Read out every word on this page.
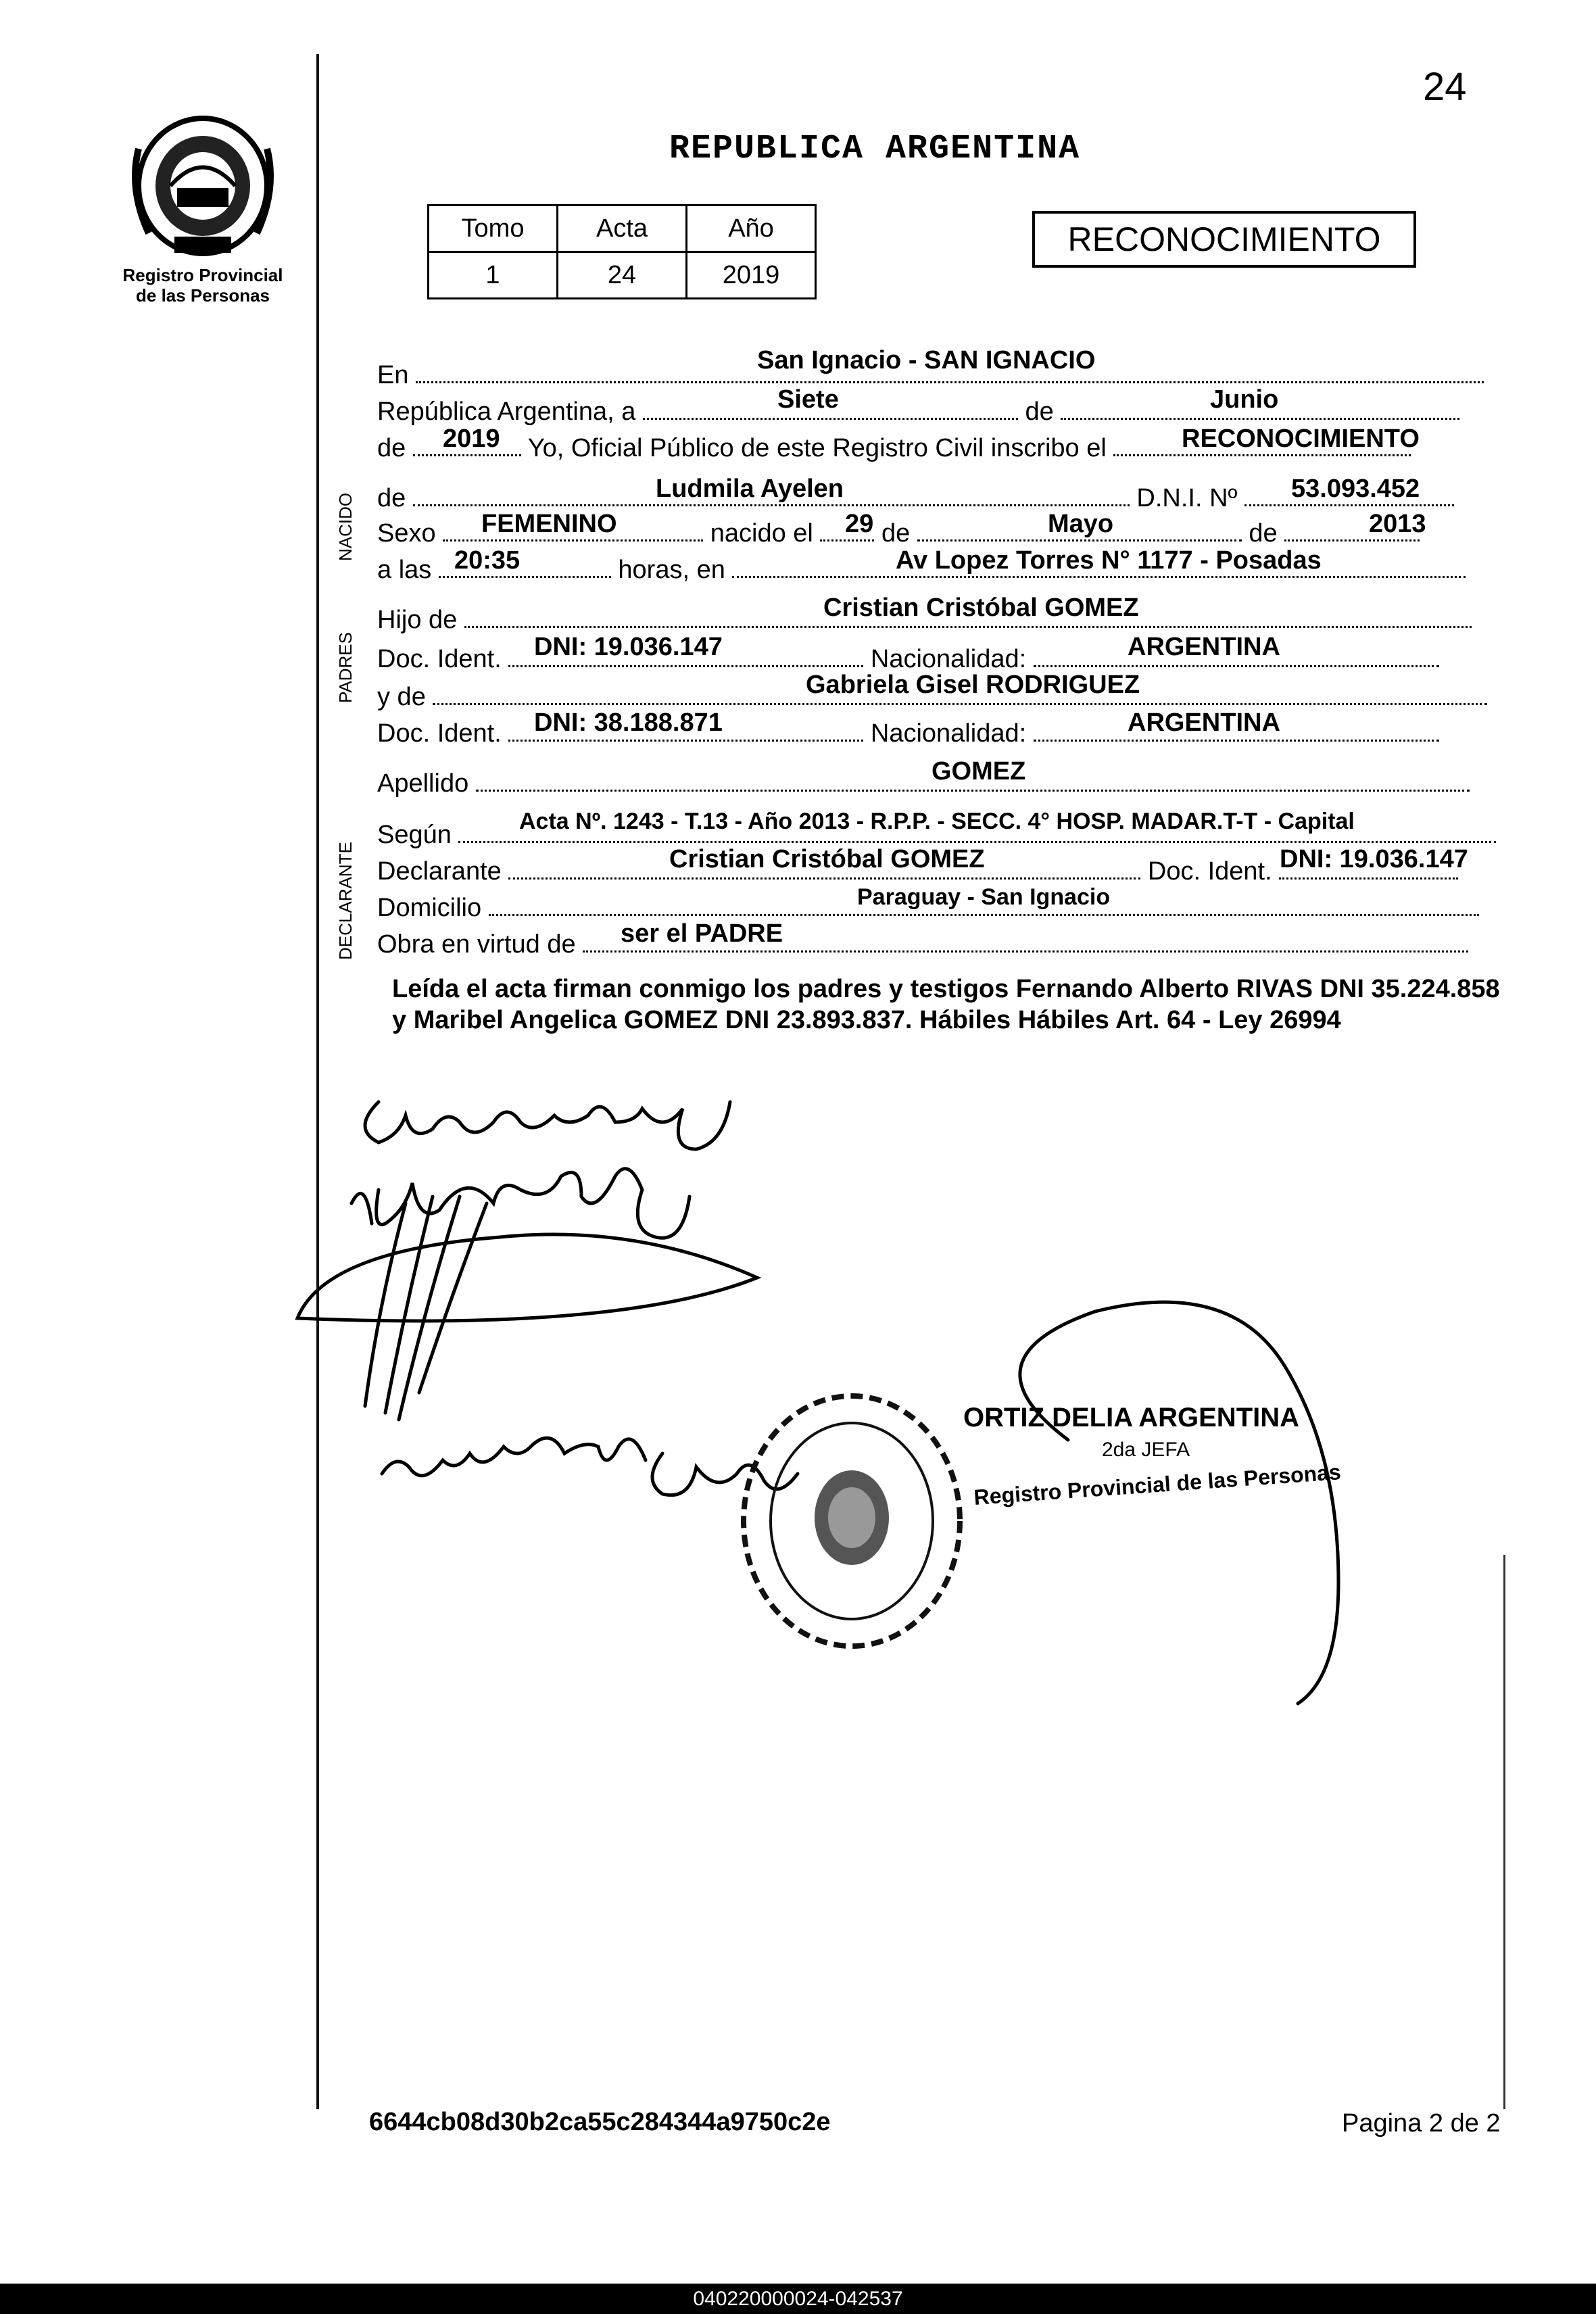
24
REPUBLICA ARGENTINA
Registro Provincial
de las Personas
Tomo	Acta	Año
1	24	2019
RECONOCIMIENTO
NACIDO
PADRES
DECLARANTE
En
San Ignacio - SAN IGNACIO
República Argentina, a	de
Siete	Junio
de	Yo, Oficial Público de este Registro Civil inscribo el
2019	RECONOCIMIENTO
de	D.N.I. Nº
Ludmila Ayelen	53.093.452
Sexo	nacido el	de	de
FEMENINO	29	Mayo	2013
a las	horas, en
20:35	Av Lopez Torres N° 1177 - Posadas
Hijo de	Cristian Cristóbal GOMEZ
Doc. Ident.	Nacionalidad:
DNI: 19.036.147	ARGENTINA
y de	Gabriela Gisel RODRIGUEZ
Doc. Ident.	Nacionalidad:
DNI: 38.188.871	ARGENTINA
Apellido	GOMEZ
Según	Acta Nº. 1243 - T.13 - Año 2013 - R.P.P. - SECC. 4° HOSP. MADAR.T-T - Capital
Declarante	Doc. Ident.
Cristian Cristóbal GOMEZ	DNI: 19.036.147
Domicilio	Paraguay - San Ignacio
Obra en virtud de	ser el PADRE
Leída el acta firman conmigo los padres y testigos Fernando Alberto RIVAS DNI 35.224.858 y Maribel Angelica GOMEZ DNI 23.893.837. Hábiles Hábiles Art. 64 - Ley 26994
ORTIZ DELIA ARGENTINA
2da JEFA
Registro Provincial de las Personas
6644cb08d30b2ca55c284344a9750c2e	Pagina 2 de 2
040220000024-042537
